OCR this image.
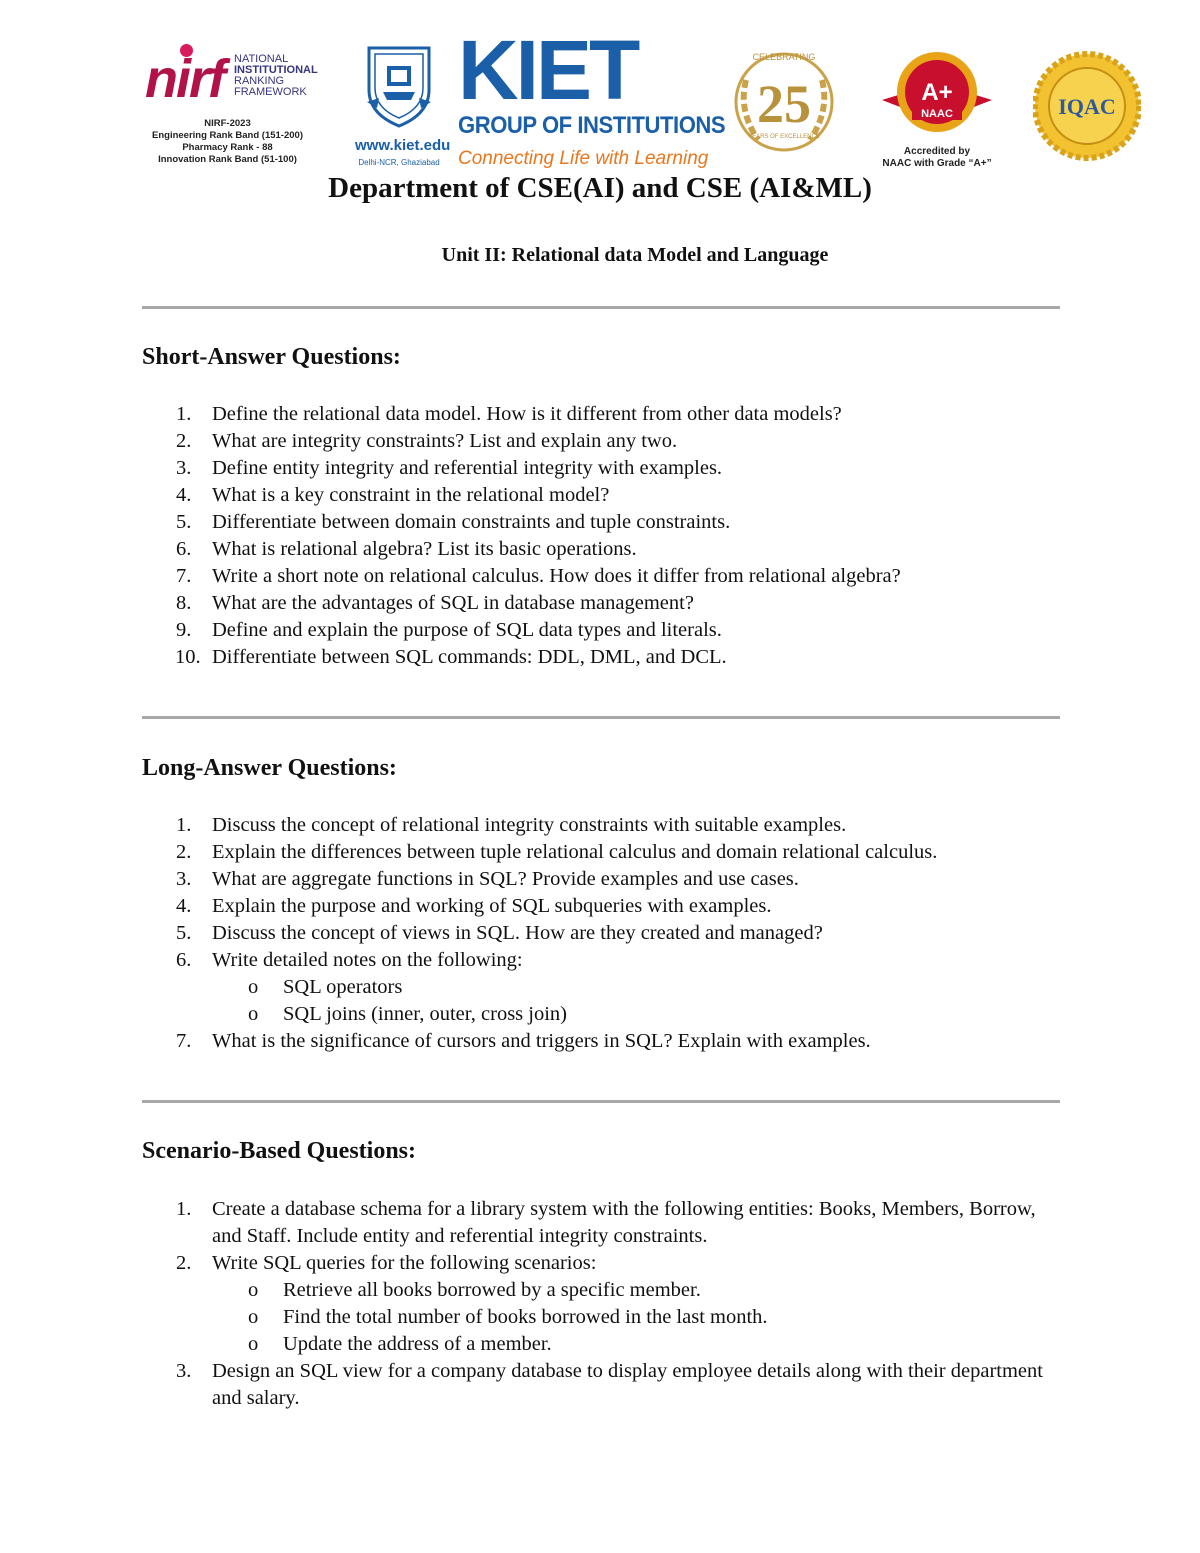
nirf NATIONAL
INSTITUTIONAL
RANKING
FRAMEWORK
NIRF-2023
Engineering Rank Band (151-200)
Pharmacy Rank - 88
Innovation Rank Band (51-100)
www.kiet.edu
Delhi-NCR, Ghaziabad
KIET
GROUP OF INSTITUTIONS
Connecting Life with Learning
25
CELEBRATING
YEARS OF EXCELLENCE
A+
NAAC
Accredited by
NAAC with Grade “A+”
IQAC
Department of CSE(AI) and CSE (AI&ML)
Unit II: Relational data Model and Language
Short-Answer Questions:
1. Define the relational data model. How is it different from other data models?
2. What are integrity constraints? List and explain any two.
3. Define entity integrity and referential integrity with examples.
4. What is a key constraint in the relational model?
5. Differentiate between domain constraints and tuple constraints.
6. What is relational algebra? List its basic operations.
7. Write a short note on relational calculus. How does it differ from relational algebra?
8. What are the advantages of SQL in database management?
9. Define and explain the purpose of SQL data types and literals.
10. Differentiate between SQL commands: DDL, DML, and DCL.
Long-Answer Questions:
1. Discuss the concept of relational integrity constraints with suitable examples.
2. Explain the differences between tuple relational calculus and domain relational calculus.
3. What are aggregate functions in SQL? Provide examples and use cases.
4. Explain the purpose and working of SQL subqueries with examples.
5. Discuss the concept of views in SQL. How are they created and managed?
6. Write detailed notes on the following:
o SQL operators
o SQL joins (inner, outer, cross join)
7. What is the significance of cursors and triggers in SQL? Explain with examples.
Scenario-Based Questions:
1. Create a database schema for a library system with the following entities: Books, Members, Borrow, and Staff. Include entity and referential integrity constraints.
2. Write SQL queries for the following scenarios:
o Retrieve all books borrowed by a specific member.
o Find the total number of books borrowed in the last month.
o Update the address of a member.
3. Design an SQL view for a company database to display employee details along with their department and salary.
